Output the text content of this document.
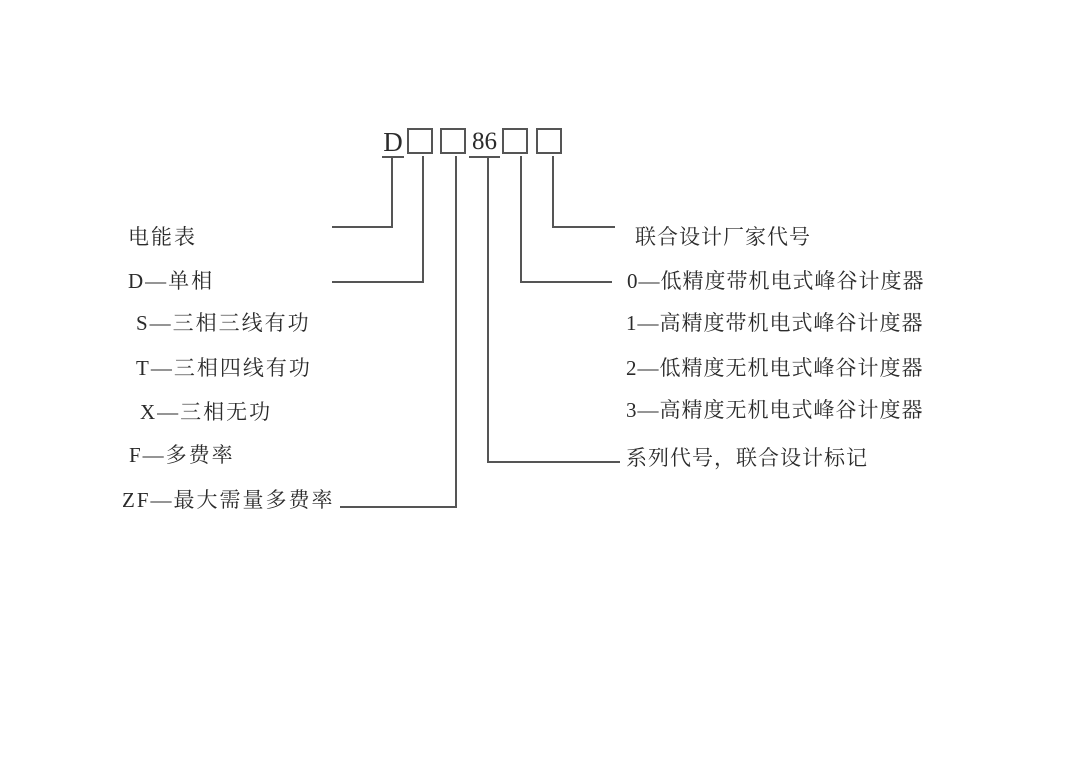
D	86
电能表
D—单相
S—三相三线有功
T—三相四线有功
X—三相无功
F—多费率
ZF—最大需量多费率
联合设计厂家代号
0—低精度带机电式峰谷计度器
1—高精度带机电式峰谷计度器
2—低精度无机电式峰谷计度器
3—高精度无机电式峰谷计度器
系列代号，联合设计标记
